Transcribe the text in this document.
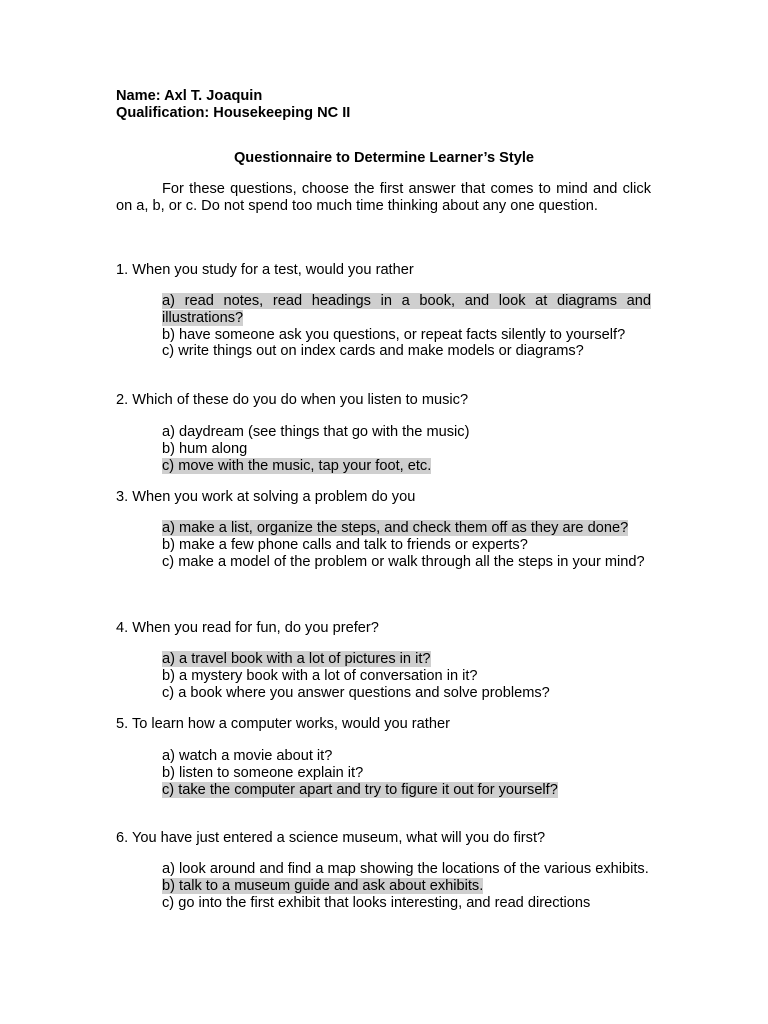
Name: Axl T. Joaquin
Qualification: Housekeeping NC II
Questionnaire to Determine Learner’s Style
For these questions, choose the first answer that comes to mind and click on a, b, or c. Do not spend too much time thinking about any one question.
1. When you study for a test, would you rather
a) read notes, read headings in a book, and look at diagrams and illustrations?
b) have someone ask you questions, or repeat facts silently to yourself?
c) write things out on index cards and make models or diagrams?
2. Which of these do you do when you listen to music?
a) daydream (see things that go with the music)
b) hum along
c) move with the music, tap your foot, etc.
3. When you work at solving a problem do you
a) make a list, organize the steps, and check them off as they are done?
b) make a few phone calls and talk to friends or experts?
c) make a model of the problem or walk through all the steps in your mind?
4. When you read for fun, do you prefer?
a) a travel book with a lot of pictures in it?
b) a mystery book with a lot of conversation in it?
c) a book where you answer questions and solve problems?
5. To learn how a computer works, would you rather
a) watch a movie about it?
b) listen to someone explain it?
c) take the computer apart and try to figure it out for yourself?
6. You have just entered a science museum, what will you do first?
a) look around and find a map showing the locations of the various exhibits.
b) talk to a museum guide and ask about exhibits.
c) go into the first exhibit that looks interesting, and read directions
